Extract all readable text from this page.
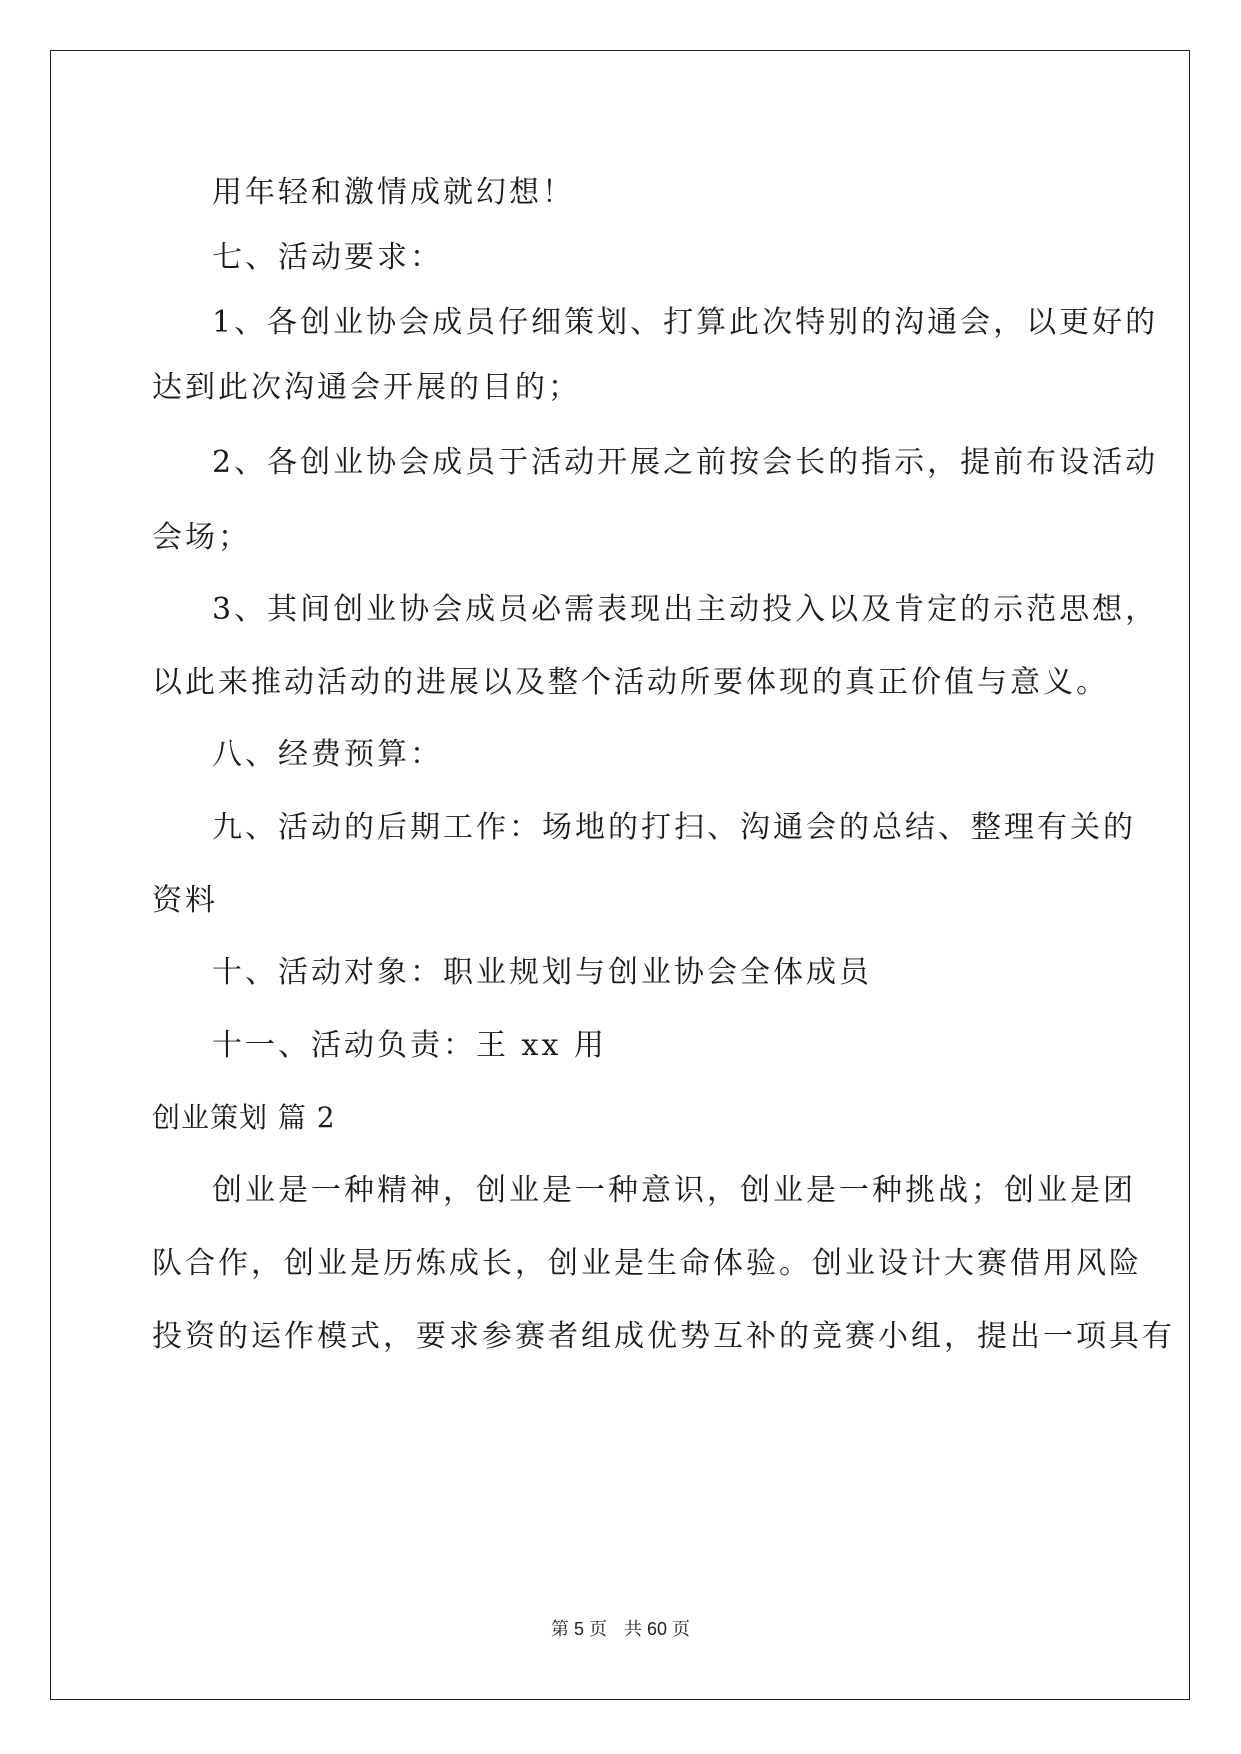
用年轻和激情成就幻想！
七、活动要求：
1、各创业协会成员仔细策划、打算此次特别的沟通会，以更好的
达到此次沟通会开展的目的；
2、各创业协会成员于活动开展之前按会长的指示，提前布设活动
会场；
3、其间创业协会成员必需表现出主动投入以及肯定的示范思想，
以此来推动活动的进展以及整个活动所要体现的真正价值与意义。
八、经费预算：
九、活动的后期工作：场地的打扫、沟通会的总结、整理有关的
资料
十、活动对象：职业规划与创业协会全体成员
十一、活动负责：王 xx 用
创业策划 篇 2
创业是一种精神，创业是一种意识，创业是一种挑战；创业是团
队合作，创业是历炼成长，创业是生命体验。创业设计大赛借用风险
投资的运作模式，要求参赛者组成优势互补的竞赛小组，提出一项具有
第 5 页 共 60 页
